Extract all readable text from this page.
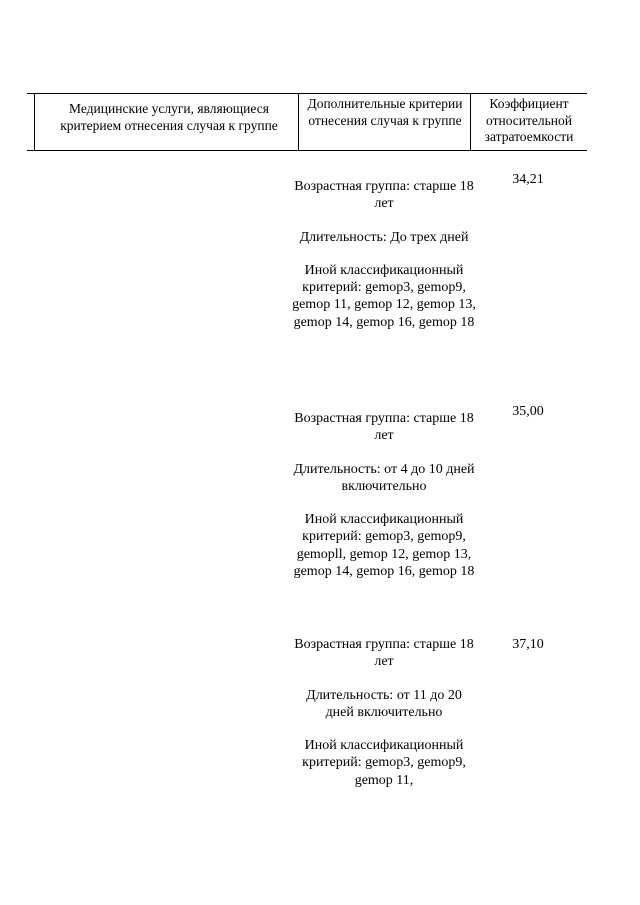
Медицинские услуги, являющиеся критерием отнесения случая к группе
Дополнительные критерии отнесения случая к группе
Коэффициент относительной затратоемкости

Возрастная группа: старше 18 лет

Длительность: До трех дней

Иной классификационный критерий: gemop3, gemop9, gemop 11, gemop 12, gemop 13, gemop 14, gemop 16, gemop 18

34,21

Возрастная группа: старше 18 лет

Длительность: от 4 до 10 дней включительно

Иной классификационный критерий: gemop3, gemop9, gemopll, gemop 12, gemop 13, gemop 14, gemop 16, gemop 18

35,00

Возрастная группа: старше 18 лет

Длительность: от 11 до 20 дней включительно

Иной классификационный критерий: gemop3, gemop9, gemop 11,

37,10
